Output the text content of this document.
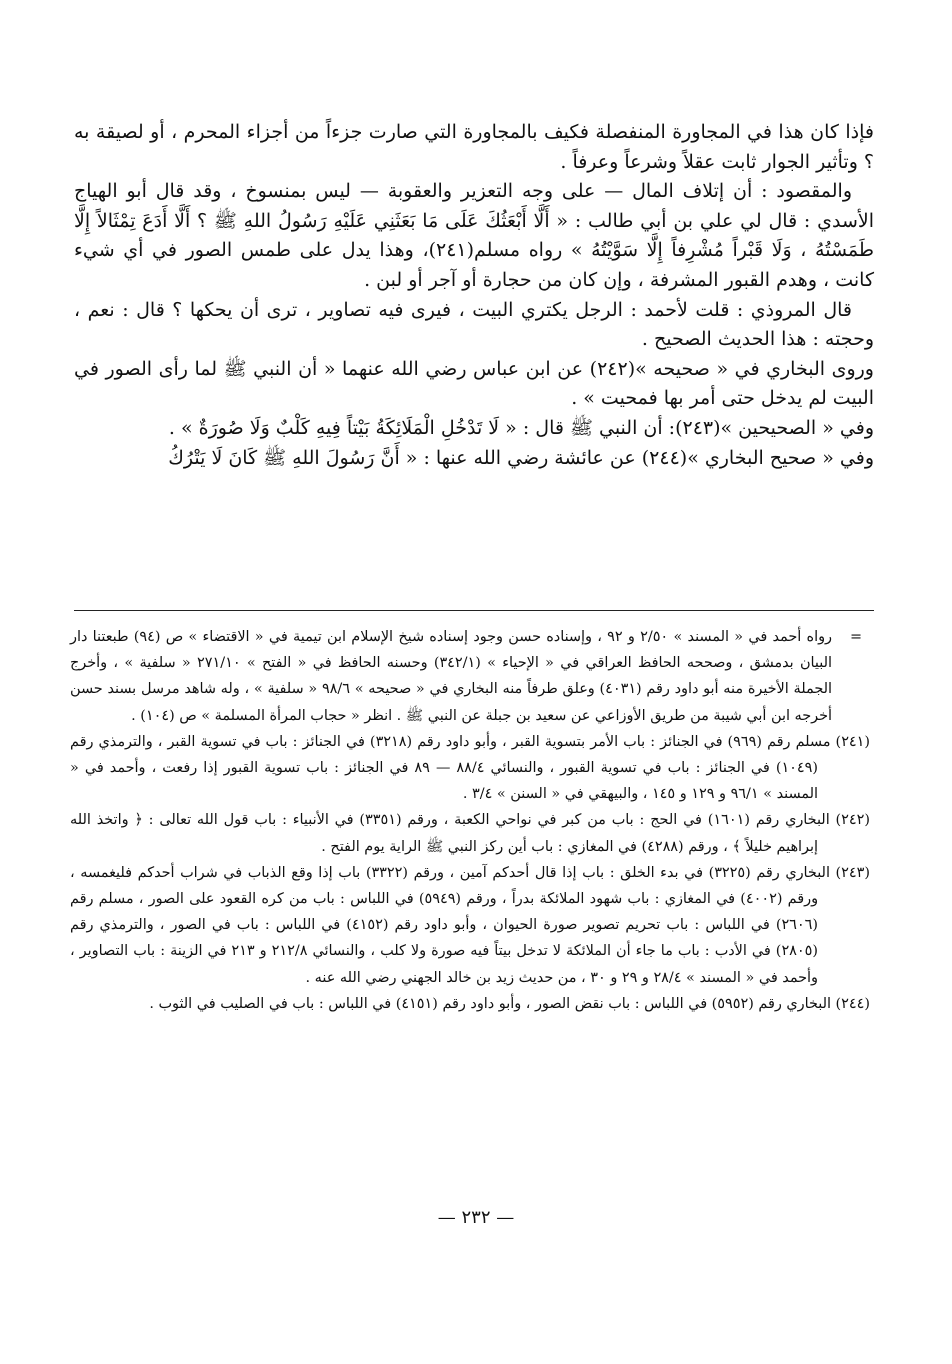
فإذا كان هذا في المجاورة المنفصلة فكيف بالمجاورة التي صارت جزءاً من أجزاء المحرم ، أو لصيقة به ؟ وتأثير الجوار ثابت عقلاً وشرعاً وعرفاً .

والمقصود : أن إتلاف المال — على وجه التعزير والعقوبة — ليس بمنسوخ ، وقد قال أبو الهياج الأسدي : قال لي علي بن أبي طالب : « أَلَّا أَبْعَثُكَ عَلَى مَا بَعَثَنِي عَلَيْهِ رَسُولُ اللهِ ﷺ ؟ أَلَّا أَدَعَ تِمْثَالاً إِلَّا طَمَسْتُهُ ، وَلَا قَبْراً مُشْرِفاً إِلَّا سَوَّيْتُهُ » رواه مسلم(٢٤١)، وهذا يدل على طمس الصور في أي شيء كانت ، وهدم القبور المشرفة ، وإن كان من حجارة أو آجر أو لبن .

قال المروذي : قلت لأحمد : الرجل يكتري البيت ، فيرى فيه تصاوير ، ترى أن يحكها ؟ قال : نعم ، وحجته : هذا الحديث الصحيح .

وروى البخاري في « صحيحه »(٢٤٢) عن ابن عباس رضي الله عنهما « أن النبي ﷺ لما رأى الصور في البيت لم يدخل حتى أمر بها فمحيت » .

وفي « الصحيحين »(٢٤٣): أن النبي ﷺ قال : « لَا تَدْخُلِ الْمَلَائِكَةُ بَيْتاً فِيهِ كَلْبٌ وَلَا صُورَةٌ » .

وفي « صحيح البخاري »(٢٤٤) عن عائشة رضي الله عنها : « أَنَّ رَسُولَ اللهِ ﷺ كَانَ لَا يَتْرُكُ

= رواه أحمد في « المسند » ٢/٥٠ و ٩٢ ، وإسناده حسن وجود إسناده شيخ الإسلام ابن تيمية في « الاقتضاء » ص (٩٤) طبعتنا دار البيان بدمشق ، وصححه الحافظ العراقي في « الإحياء » (٣٤٢/١) وحسنه الحافظ في « الفتح » ٢٧١/١٠ « سلفية » ، وأخرج الجملة الأخيرة منه أبو داود رقم (٤٠٣١) وعلق طرفاً منه البخاري في « صحيحه » ٩٨/٦ « سلفية » ، وله شاهد مرسل بسند حسن أخرجه ابن أبي شيبة من طريق الأوزاعي عن سعيد بن جبلة عن النبي ﷺ . انظر « حجاب المرأة المسلمة » ص (١٠٤) .

(٢٤١) مسلم رقم (٩٦٩) في الجنائز : باب الأمر بتسوية القبر ، وأبو داود رقم (٣٢١٨) في الجنائز : باب في تسوية القبر ، والترمذي رقم (١٠٤٩) في الجنائز : باب في تسوية القبور ، والنسائي ٨٨/٤ — ٨٩ في الجنائز : باب تسوية القبور إذا رفعت ، وأحمد في « المسند » ٩٦/١ و ١٢٩ و ١٤٥ ، والبيهقي في « السنن » ٣/٤ .

(٢٤٢) البخاري رقم (١٦٠١) في الحج : باب من كبر في نواحي الكعبة ، ورقم (٣٣٥١) في الأنبياء : باب قول الله تعالى : ﴿ واتخذ الله إبراهيم خليلاً ﴾ ، ورقم (٤٢٨٨) في المغازي : باب أين ركز النبي ﷺ الراية يوم الفتح .

(٢٤٣) البخاري رقم (٣٢٢٥) في بدء الخلق : باب إذا قال أحدكم آمين ، ورقم (٣٣٢٢) باب إذا وقع الذباب في شراب أحدكم فليغمسه ، ورقم (٤٠٠٢) في المغازي : باب شهود الملائكة بدراً ، ورقم (٥٩٤٩) في اللباس : باب من كره القعود على الصور ، مسلم رقم (٢٦٠٦) في اللباس : باب تحريم تصوير صورة الحيوان ، وأبو داود رقم (٤١٥٢) في اللباس : باب في الصور ، والترمذي رقم (٢٨٠٥) في الأدب : باب ما جاء أن الملائكة لا تدخل بيتاً فيه صورة ولا كلب ، والنسائي ٢١٢/٨ و ٢١٣ في الزينة : باب التصاوير ، وأحمد في « المسند » ٢٨/٤ و ٢٩ و ٣٠ ، من حديث زيد بن خالد الجهني رضي الله عنه .

(٢٤٤) البخاري رقم (٥٩٥٢) في اللباس : باب نقض الصور ، وأبو داود رقم (٤١٥١) في اللباس : باب في الصليب في الثوب .

— ٢٣٢ —
